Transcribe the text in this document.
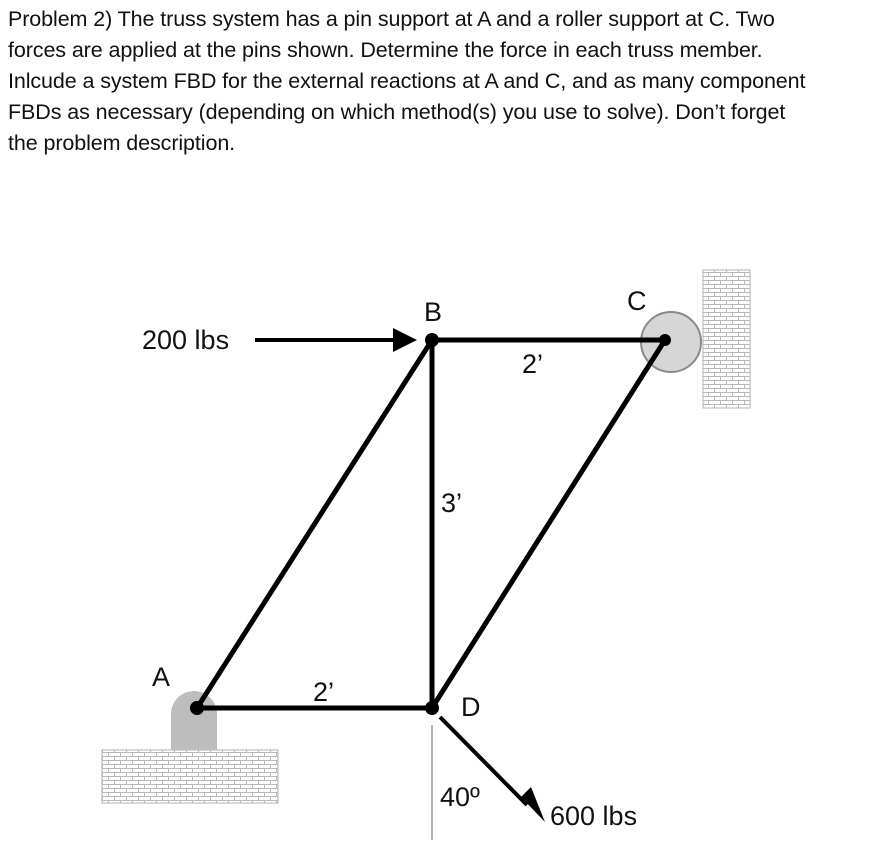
Problem 2) The truss system has a pin support at A and a roller support at C. Two

forces are applied at the pins shown. Determine the force in each truss member.

Inlcude a system FBD for the external reactions at A and C, and as many component

FBDs as necessary (depending on which method(s) you use to solve). Don’t forget

the problem description.

A
B	C
D
2’
3’
2’
40º
200 lbs
600 lbs
